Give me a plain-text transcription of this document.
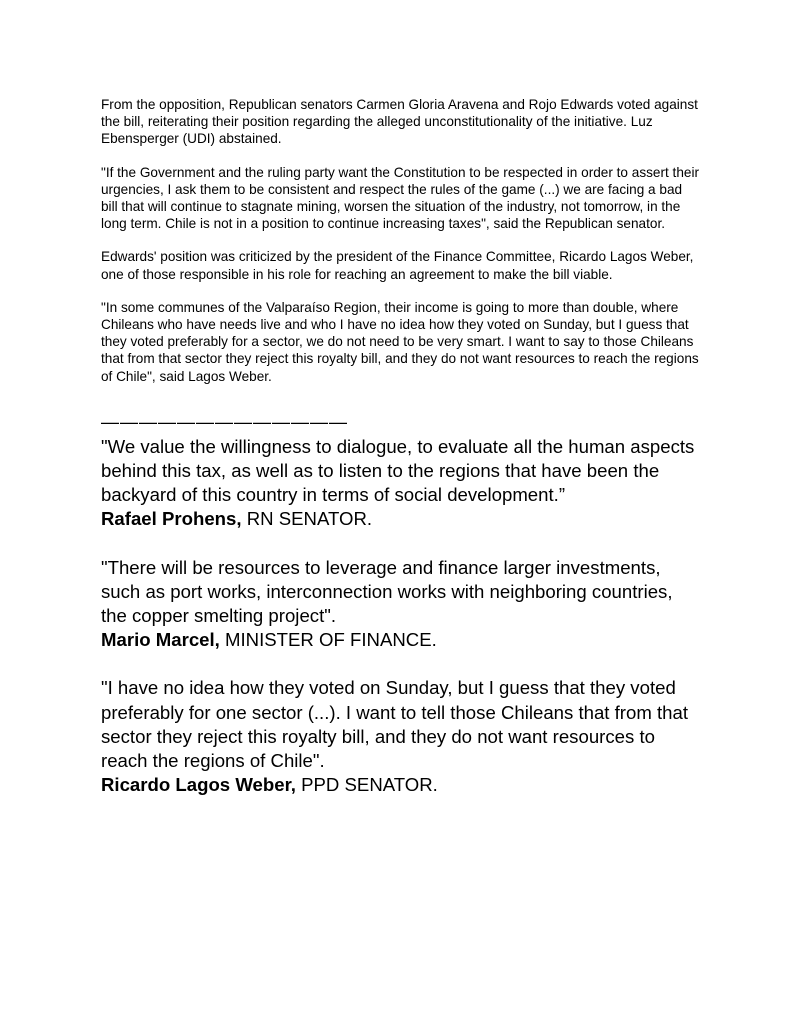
From the opposition, Republican senators Carmen Gloria Aravena and Rojo Edwards voted against the bill, reiterating their position regarding the alleged unconstitutionality of the initiative. Luz Ebensperger (UDI) abstained.

"If the Government and the ruling party want the Constitution to be respected in order to assert their urgencies, I ask them to be consistent and respect the rules of the game (...) we are facing a bad bill that will continue to stagnate mining, worsen the situation of the industry, not tomorrow, in the long term. Chile is not in a position to continue increasing taxes", said the Republican senator.

Edwards' position was criticized by the president of the Finance Committee, Ricardo Lagos Weber, one of those responsible in his role for reaching an agreement to make the bill viable.

"In some communes of the Valparaíso Region, their income is going to more than double, where Chileans who have needs live and who I have no idea how they voted on Sunday, but I guess that they voted preferably for a sector, we do not need to be very smart. I want to say to those Chileans that from that sector they reject this royalty bill, and they do not want resources to reach the regions of Chile", said Lagos Weber.

—————————————

"We value the willingness to dialogue, to evaluate all the human aspects behind this tax, as well as to listen to the regions that have been the backyard of this country in terms of social development.”

Rafael Prohens, RN SENATOR.

"There will be resources to leverage and finance larger investments, such as port works, interconnection works with neighboring countries, the copper smelting project".

Mario Marcel, MINISTER OF FINANCE.

"I have no idea how they voted on Sunday, but I guess that they voted preferably for one sector (...). I want to tell those Chileans that from that sector they reject this royalty bill, and they do not want resources to reach the regions of Chile".

Ricardo Lagos Weber, PPD SENATOR.
